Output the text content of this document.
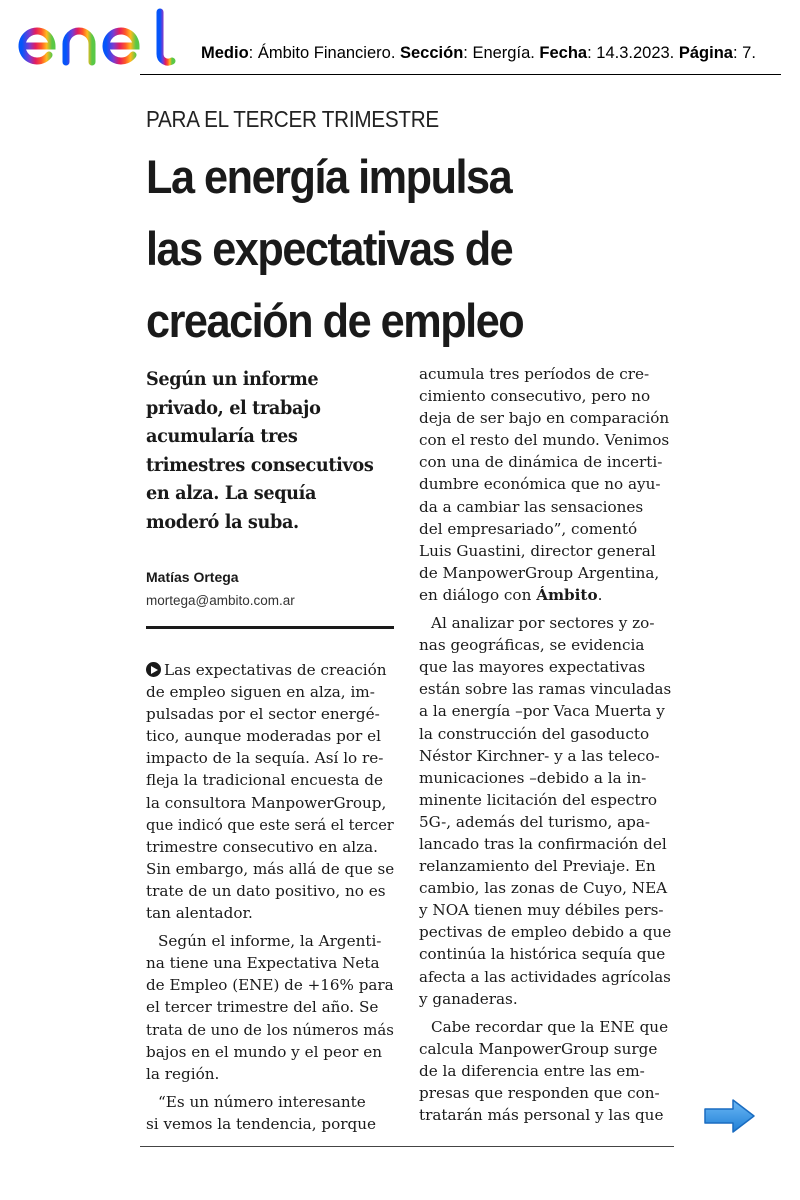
Medio: Ámbito Financiero. Sección: Energía. Fecha: 14.3.2023. Página: 7.
PARA EL TERCER TRIMESTRE
La energía impulsa
las expectativas de
creación de empleo
Según un informe
privado, el trabajo
acumularía tres
trimestres consecutivos
en alza. La sequía
moderó la suba.
Matías Ortega
mortega@ambito.com.ar
Las expectativas de creación
de empleo siguen en alza, im-
pulsadas por el sector energé-
tico, aunque moderadas por el
impacto de la sequía. Así lo re-
fleja la tradicional encuesta de
la consultora ManpowerGroup,
que indicó que este será el tercer
trimestre consecutivo en alza.
Sin embargo, más allá de que se
trate de un dato positivo, no es
tan alentador.
Según el informe, la Argenti-
na tiene una Expectativa Neta
de Empleo (ENE) de +16% para
el tercer trimestre del año. Se
trata de uno de los números más
bajos en el mundo y el peor en
la región.
“Es un número interesante
si vemos la tendencia, porque
acumula tres períodos de cre-
cimiento consecutivo, pero no
deja de ser bajo en comparación
con el resto del mundo. Venimos
con una de dinámica de incerti-
dumbre económica que no ayu-
da a cambiar las sensaciones
del empresariado”, comentó
Luis Guastini, director general
de ManpowerGroup Argentina,
en diálogo con Ámbito.
Al analizar por sectores y zo-
nas geográficas, se evidencia
que las mayores expectativas
están sobre las ramas vinculadas
a la energía –por Vaca Muerta y
la construcción del gasoducto
Néstor Kirchner- y a las teleco-
municaciones –debido a la in-
minente licitación del espectro
5G-, además del turismo, apa-
lancado tras la confirmación del
relanzamiento del Previaje. En
cambio, las zonas de Cuyo, NEA
y NOA tienen muy débiles pers-
pectivas de empleo debido a que
continúa la histórica sequía que
afecta a las actividades agrícolas
y ganaderas.
Cabe recordar que la ENE que
calcula ManpowerGroup surge
de la diferencia entre las em-
presas que responden que con-
tratarán más personal y las que
